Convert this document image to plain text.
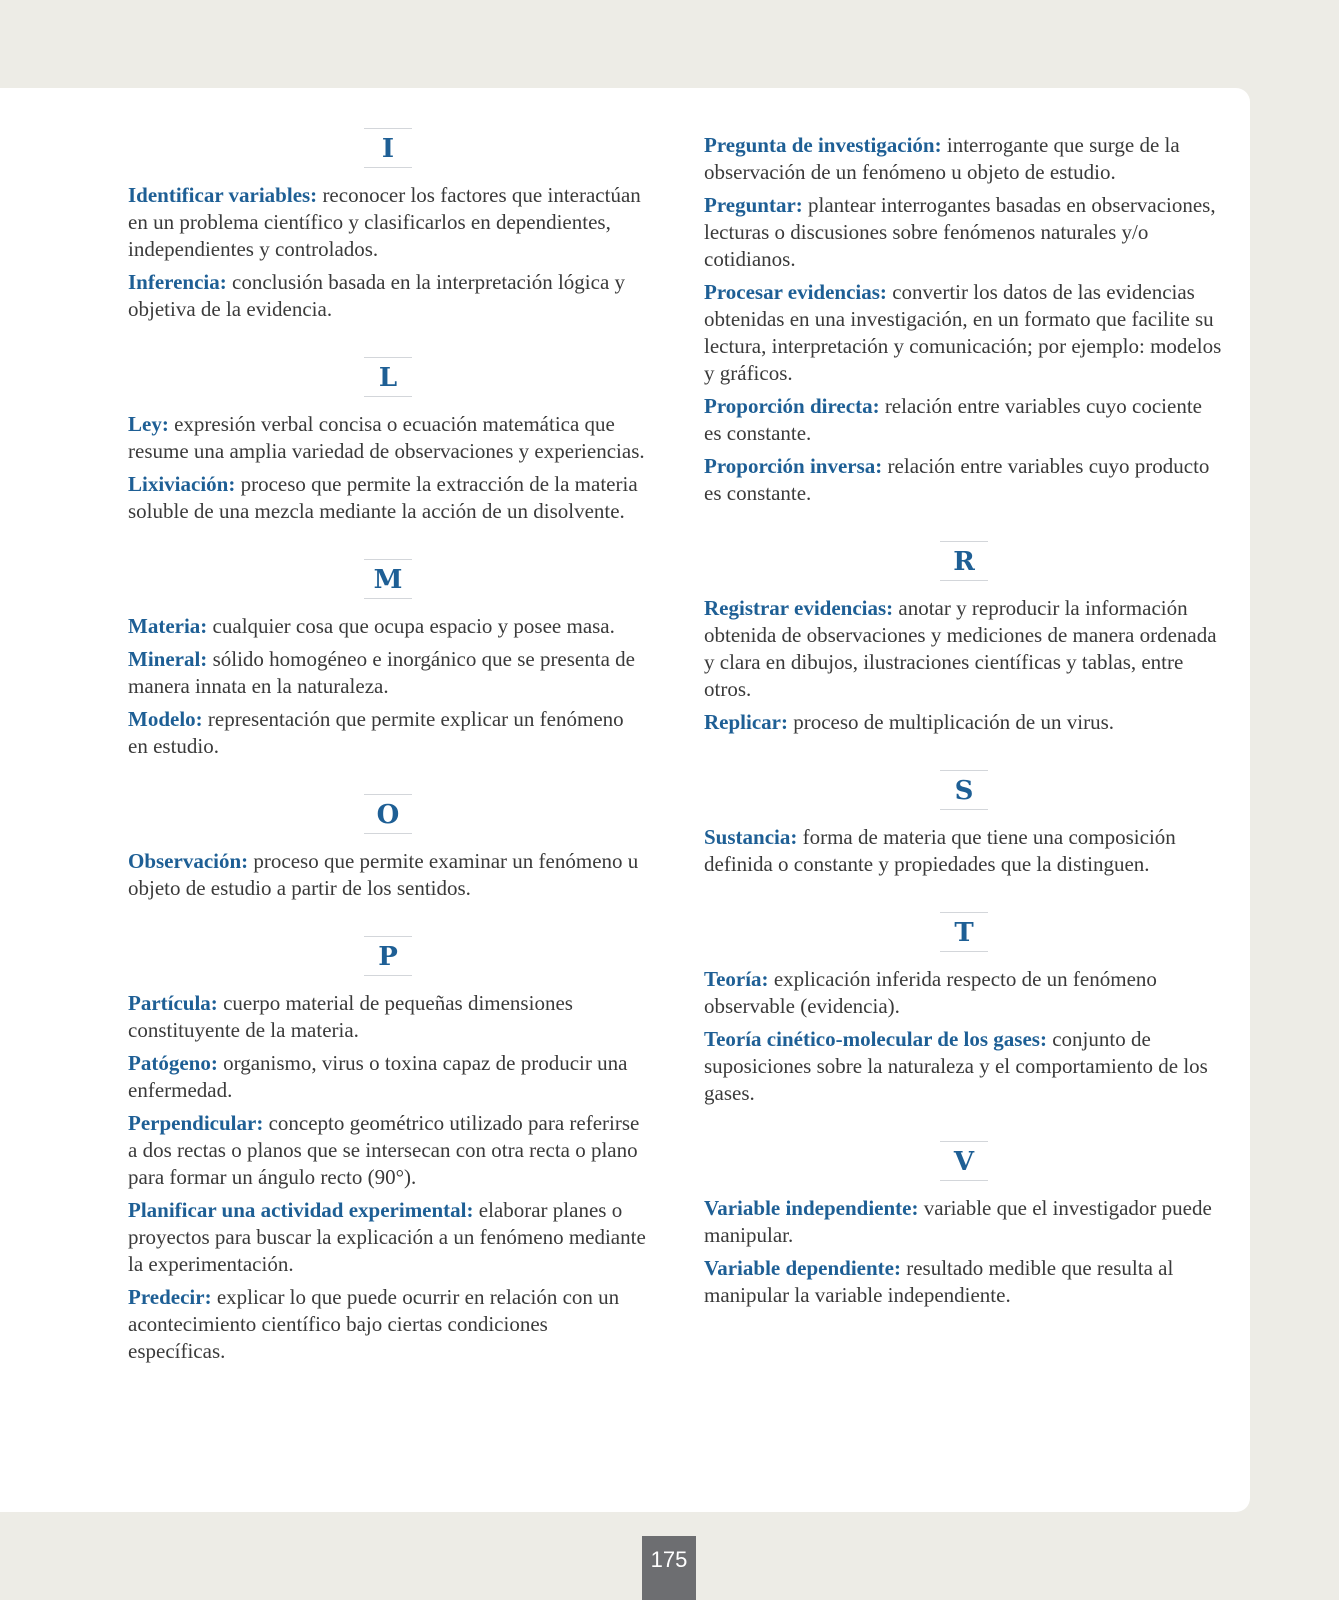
I

Identificar variables: reconocer los factores que interactúan en un problema científico y clasificarlos en dependientes, independientes y controlados.

Inferencia: conclusión basada en la interpretación lógica y objetiva de la evidencia.

L

Ley: expresión verbal concisa o ecuación matemática que resume una amplia variedad de observaciones y experiencias.

Lixiviación: proceso que permite la extracción de la materia soluble de una mezcla mediante la acción de un disolvente.

M

Materia: cualquier cosa que ocupa espacio y posee masa.

Mineral: sólido homogéneo e inorgánico que se presenta de manera innata en la naturaleza.

Modelo: representación que permite explicar un fenómeno en estudio.

O

Observación: proceso que permite examinar un fenómeno u objeto de estudio a partir de los sentidos.

P

Partícula: cuerpo material de pequeñas dimensiones constituyente de la materia.

Patógeno: organismo, virus o toxina capaz de producir una enfermedad.

Perpendicular: concepto geométrico utilizado para referirse a dos rectas o planos que se intersecan con otra recta o plano para formar un ángulo recto (90°).

Planificar una actividad experimental: elaborar planes o proyectos para buscar la explicación a un fenómeno mediante la experimentación.

Predecir: explicar lo que puede ocurrir en relación con un acontecimiento científico bajo ciertas condiciones específicas.

Pregunta de investigación: interrogante que surge de la observación de un fenómeno u objeto de estudio.

Preguntar: plantear interrogantes basadas en observaciones, lecturas o discusiones sobre fenómenos naturales y/o cotidianos.

Procesar evidencias: convertir los datos de las evidencias obtenidas en una investigación, en un formato que facilite su lectura, interpretación y comunicación; por ejemplo: modelos y gráficos.

Proporción directa: relación entre variables cuyo cociente es constante.

Proporción inversa: relación entre variables cuyo producto es constante.

R

Registrar evidencias: anotar y reproducir la información obtenida de observaciones y mediciones de manera ordenada y clara en dibujos, ilustraciones científicas y tablas, entre otros.

Replicar: proceso de multiplicación de un virus.

S

Sustancia: forma de materia que tiene una composición definida o constante y propiedades que la distinguen.

T

Teoría: explicación inferida respecto de un fenómeno observable (evidencia).

Teoría cinético-molecular de los gases: conjunto de suposiciones sobre la naturaleza y el comportamiento de los gases.

V

Variable independiente: variable que el investigador puede manipular.

Variable dependiente: resultado medible que resulta al manipular la variable independiente.

175
